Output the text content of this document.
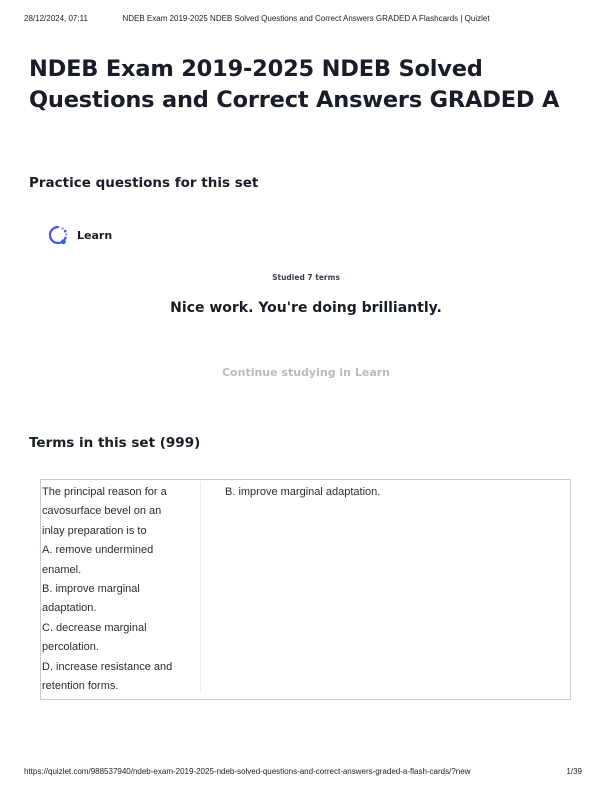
28/12/2024, 07:11	NDEB Exam 2019-2025 NDEB Solved Questions and Correct Answers GRADED A Flashcards | Quizlet
NDEB Exam 2019-2025 NDEB Solved Questions and Correct Answers GRADED A
Practice questions for this set
Learn
Studied 7 terms
Nice work. You're doing brilliantly.
Continue studying in Learn
Terms in this set (999)

The principal reason for a
cavosurface bevel on an
inlay preparation is to
A. remove undermined
enamel.
B. improve marginal
adaptation.
C. decrease marginal
percolation.
D. increase resistance and
retention forms.

B. improve marginal adaptation.

https://quizlet.com/988537940/ndeb-exam-2019-2025-ndeb-solved-questions-and-correct-answers-graded-a-flash-cards/?new	1/39
